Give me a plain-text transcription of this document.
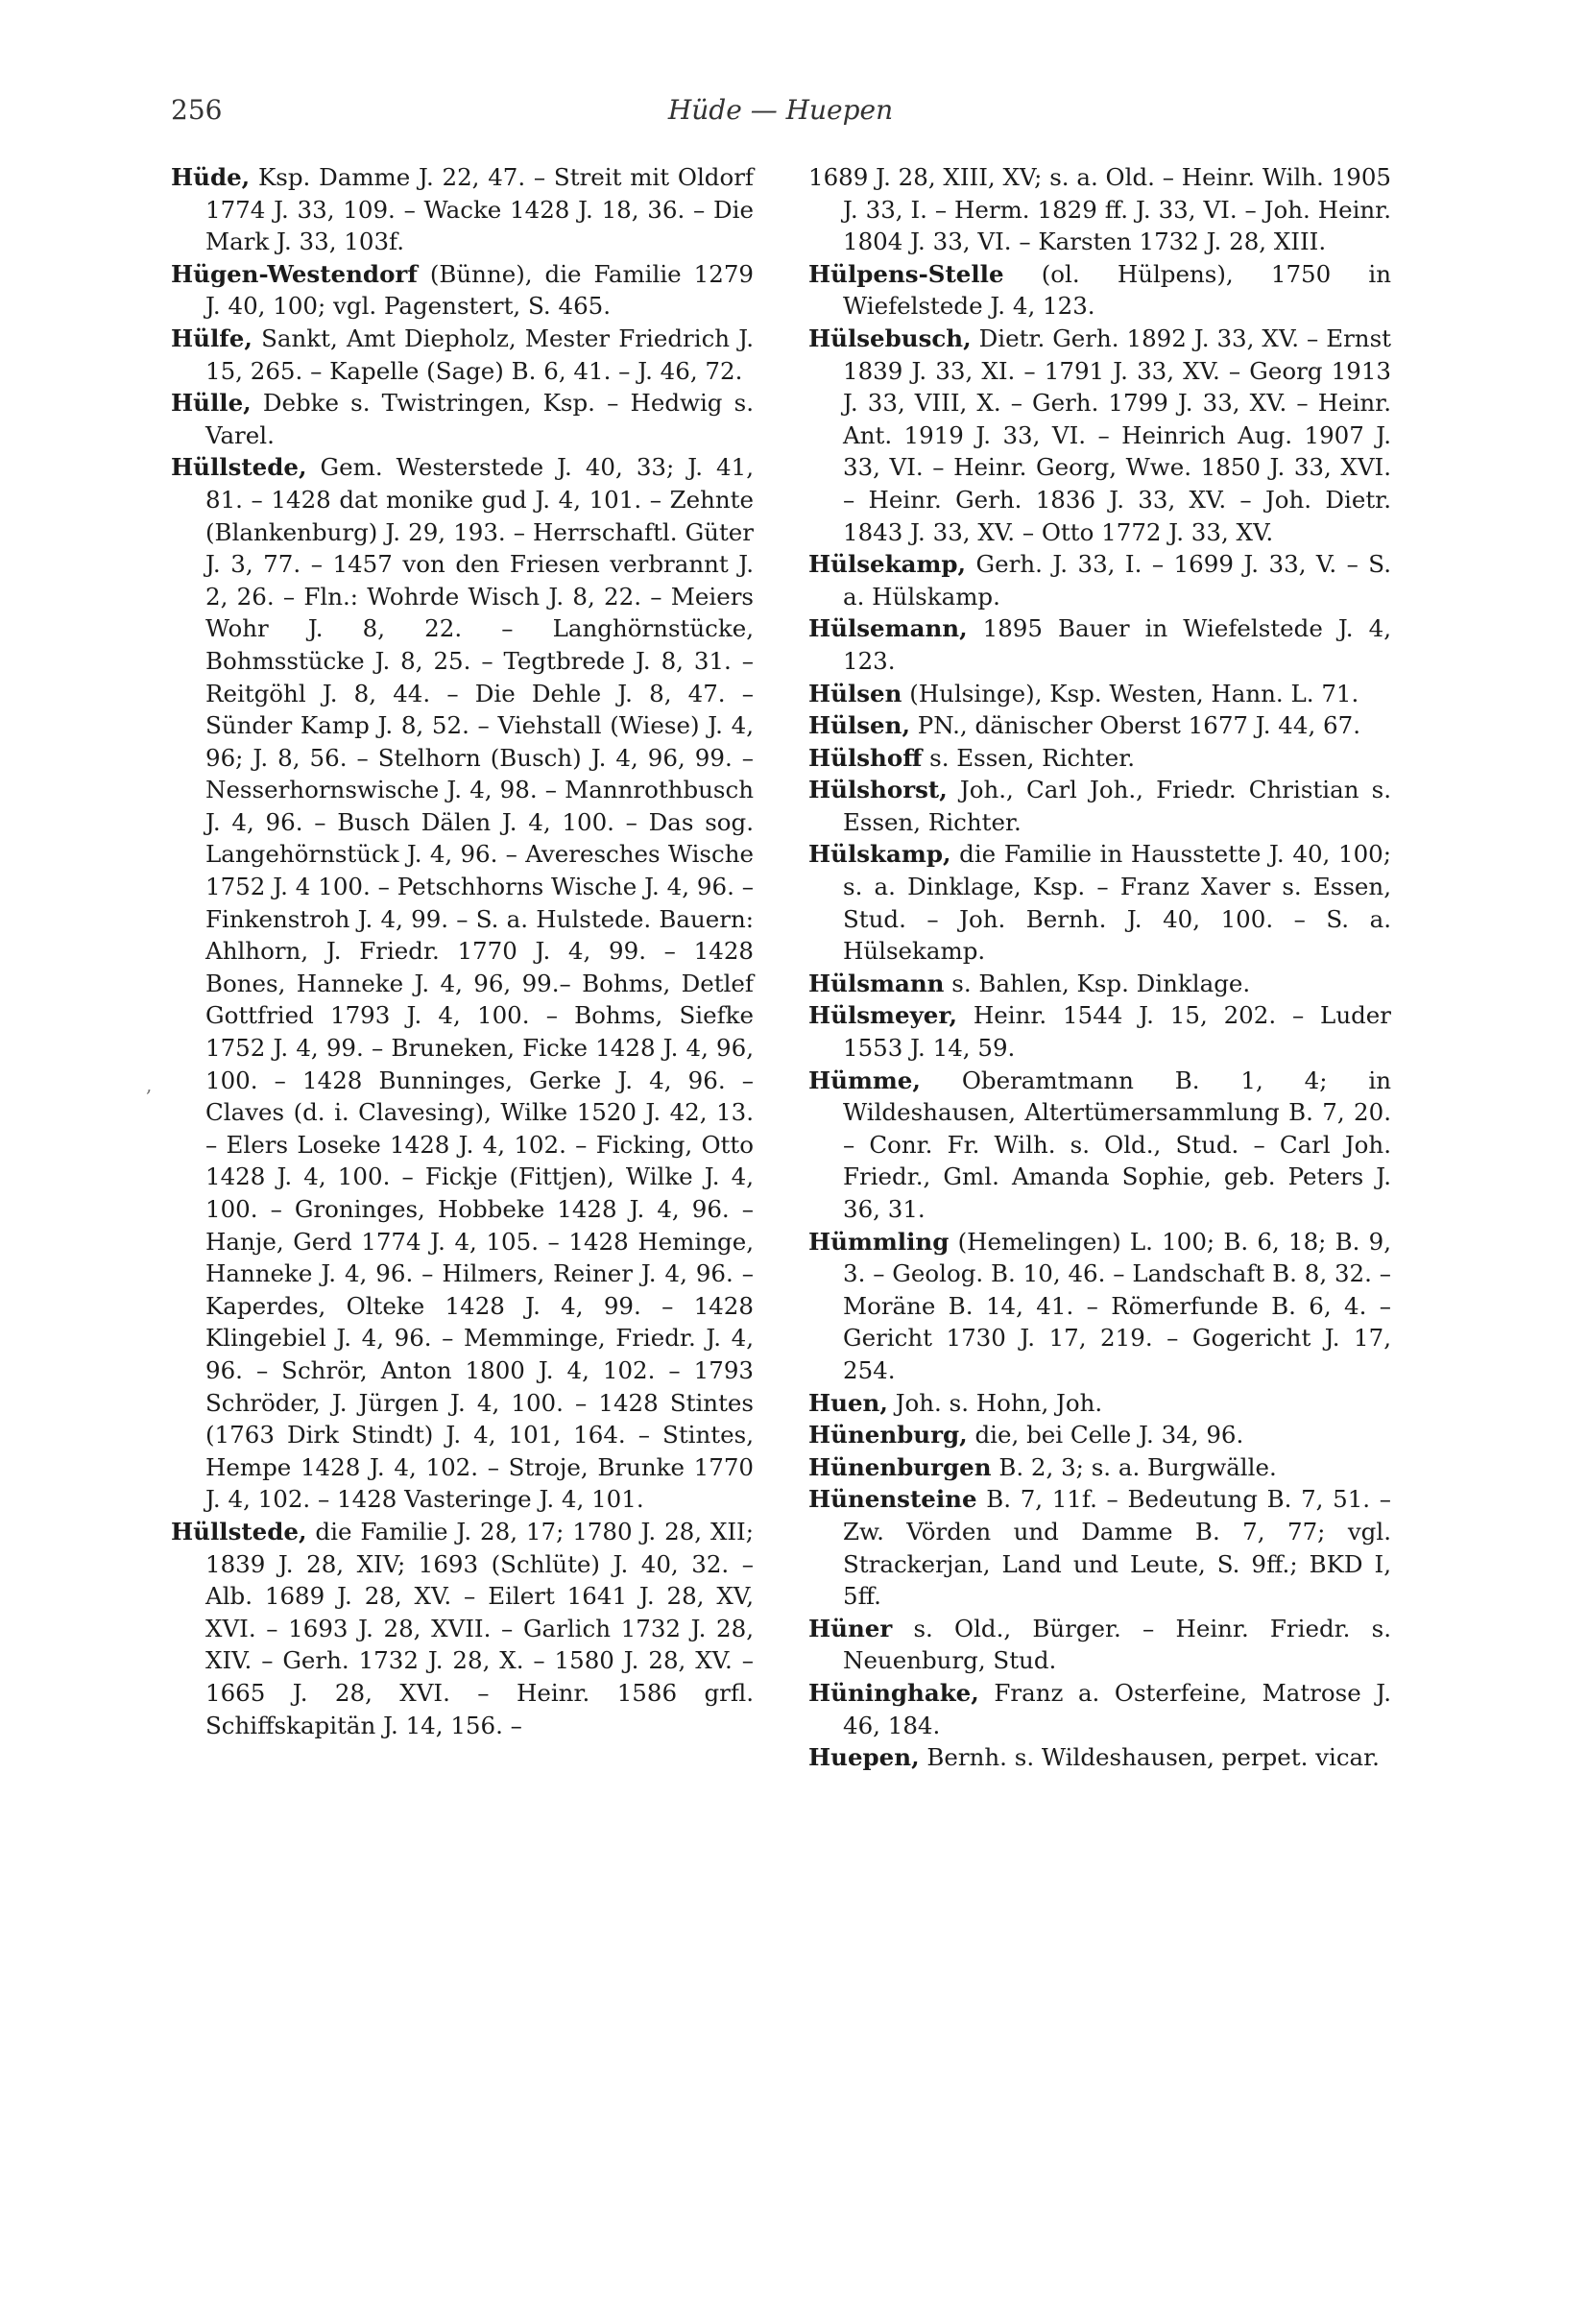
256	Hüde — Huepen
,

Hüde, Ksp. Damme J. 22, 47. – Streit mit Oldorf 1774 J. 33, 109. – Wacke 1428 J. 18, 36. – Die Mark J. 33, 103f.

Hügen-Westendorf (Bünne), die Familie 1279 J. 40, 100; vgl. Pagenstert, S. 465.

Hülfe, Sankt, Amt Diepholz, Mester Friedrich J. 15, 265. – Kapelle (Sage) B. 6, 41. – J. 46, 72.

Hülle, Debke s. Twistringen, Ksp. – Hedwig s. Varel.

Hüllstede, Gem. Westerstede J. 40, 33; J. 41, 81. – 1428 dat monike gud J. 4, 101. – Zehnte (Blankenburg) J. 29, 193. – Herrschaftl. Güter J. 3, 77. – 1457 von den Friesen verbrannt J. 2, 26. – Fln.: Wohrde Wisch J. 8, 22. – Meiers Wohr J. 8, 22. – Langhörnstücke, Bohmsstücke J. 8, 25. – Tegtbrede J. 8, 31. – Reitgöhl J. 8, 44. – Die Dehle J. 8, 47. – Sünder Kamp J. 8, 52. – Viehstall (Wiese) J. 4, 96; J. 8, 56. – Stelhorn (Busch) J. 4, 96, 99. – Nesserhornswische J. 4, 98. – Mannrothbusch J. 4, 96. – Busch Dälen J. 4, 100. – Das sog. Langehörnstück J. 4, 96. – Averesches Wische 1752 J. 4 100. – Petschhorns Wische J. 4, 96. – Finkenstroh J. 4, 99. – S. a. Hulstede. Bauern: Ahlhorn, J. Friedr. 1770 J. 4, 99. – 1428 Bones, Hanneke J. 4, 96, 99.– Bohms, Detlef Gottfried 1793 J. 4, 100. – Bohms, Siefke 1752 J. 4, 99. – Bruneken, Ficke 1428 J. 4, 96, 100. – 1428 Bunninges, Gerke J. 4, 96. – Claves (d. i. Clavesing), Wilke 1520 J. 42, 13. – Elers Loseke 1428 J. 4, 102. – Ficking, Otto 1428 J. 4, 100. – Fickje (Fittjen), Wilke J. 4, 100. – Groninges, Hobbeke 1428 J. 4, 96. – Hanje, Gerd 1774 J. 4, 105. – 1428 Heminge, Hanneke J. 4, 96. – Hilmers, Reiner J. 4, 96. – Kaperdes, Olteke 1428 J. 4, 99. – 1428 Klingebiel J. 4, 96. – Memminge, Friedr. J. 4, 96. – Schrör, Anton 1800 J. 4, 102. – 1793 Schröder, J. Jürgen J. 4, 100. – 1428 Stintes (1763 Dirk Stindt) J. 4, 101, 164. – Stintes, Hempe 1428 J. 4, 102. – Stroje, Brunke 1770 J. 4, 102. – 1428 Vasteringe J. 4, 101.

Hüllstede, die Familie J. 28, 17; 1780 J. 28, XII; 1839 J. 28, XIV; 1693 (Schlüte) J. 40, 32. – Alb. 1689 J. 28, XV. – Eilert 1641 J. 28, XV, XVI. – 1693 J. 28, XVII. – Garlich 1732 J. 28, XIV. – Gerh. 1732 J. 28, X. – 1580 J. 28, XV. – 1665 J. 28, XVI. – Heinr. 1586 grfl. Schiffskapitän J. 14, 156. –

1689 J. 28, XIII, XV; s. a. Old. – Heinr. Wilh. 1905 J. 33, I. – Herm. 1829 ff. J. 33, VI. – Joh. Heinr. 1804 J. 33, VI. – Karsten 1732 J. 28, XIII.

Hülpens-Stelle (ol. Hülpens), 1750 in Wiefelstede J. 4, 123.

Hülsebusch, Dietr. Gerh. 1892 J. 33, XV. – Ernst 1839 J. 33, XI. – 1791 J. 33, XV. – Georg 1913 J. 33, VIII, X. – Gerh. 1799 J. 33, XV. – Heinr. Ant. 1919 J. 33, VI. – Heinrich Aug. 1907 J. 33, VI. – Heinr. Georg, Wwe. 1850 J. 33, XVI. – Heinr. Gerh. 1836 J. 33, XV. – Joh. Dietr. 1843 J. 33, XV. – Otto 1772 J. 33, XV.

Hülsekamp, Gerh. J. 33, I. – 1699 J. 33, V. – S. a. Hülskamp.

Hülsemann, 1895 Bauer in Wiefelstede J. 4, 123.

Hülsen (Hulsinge), Ksp. Westen, Hann. L. 71.

Hülsen, PN., dänischer Oberst 1677 J. 44, 67.

Hülshoff s. Essen, Richter.

Hülshorst, Joh., Carl Joh., Friedr. Christian s. Essen, Richter.

Hülskamp, die Familie in Hausstette J. 40, 100; s. a. Dinklage, Ksp. – Franz Xaver s. Essen, Stud. – Joh. Bernh. J. 40, 100. – S. a. Hülsekamp.

Hülsmann s. Bahlen, Ksp. Dinklage.

Hülsmeyer, Heinr. 1544 J. 15, 202. – Luder 1553 J. 14, 59.

Hümme, Oberamtmann B. 1, 4; in Wildeshausen, Altertümersammlung B. 7, 20. – Conr. Fr. Wilh. s. Old., Stud. – Carl Joh. Friedr., Gml. Amanda Sophie, geb. Peters J. 36, 31.

Hümmling (Hemelingen) L. 100; B. 6, 18; B. 9, 3. – Geolog. B. 10, 46. – Landschaft B. 8, 32. – Moräne B. 14, 41. – Römerfunde B. 6, 4. – Gericht 1730 J. 17, 219. – Gogericht J. 17, 254.

Huen, Joh. s. Hohn, Joh.

Hünenburg, die, bei Celle J. 34, 96.

Hünenburgen B. 2, 3; s. a. Burgwälle.

Hünensteine B. 7, 11f. – Bedeutung B. 7, 51. – Zw. Vörden und Damme B. 7, 77; vgl. Strackerjan, Land und Leute, S. 9ff.; BKD I, 5ff.

Hüner s. Old., Bürger. – Heinr. Friedr. s. Neuenburg, Stud.

Hüninghake, Franz a. Osterfeine, Matrose J. 46, 184.

Huepen, Bernh. s. Wildeshausen, perpet. vicar.
